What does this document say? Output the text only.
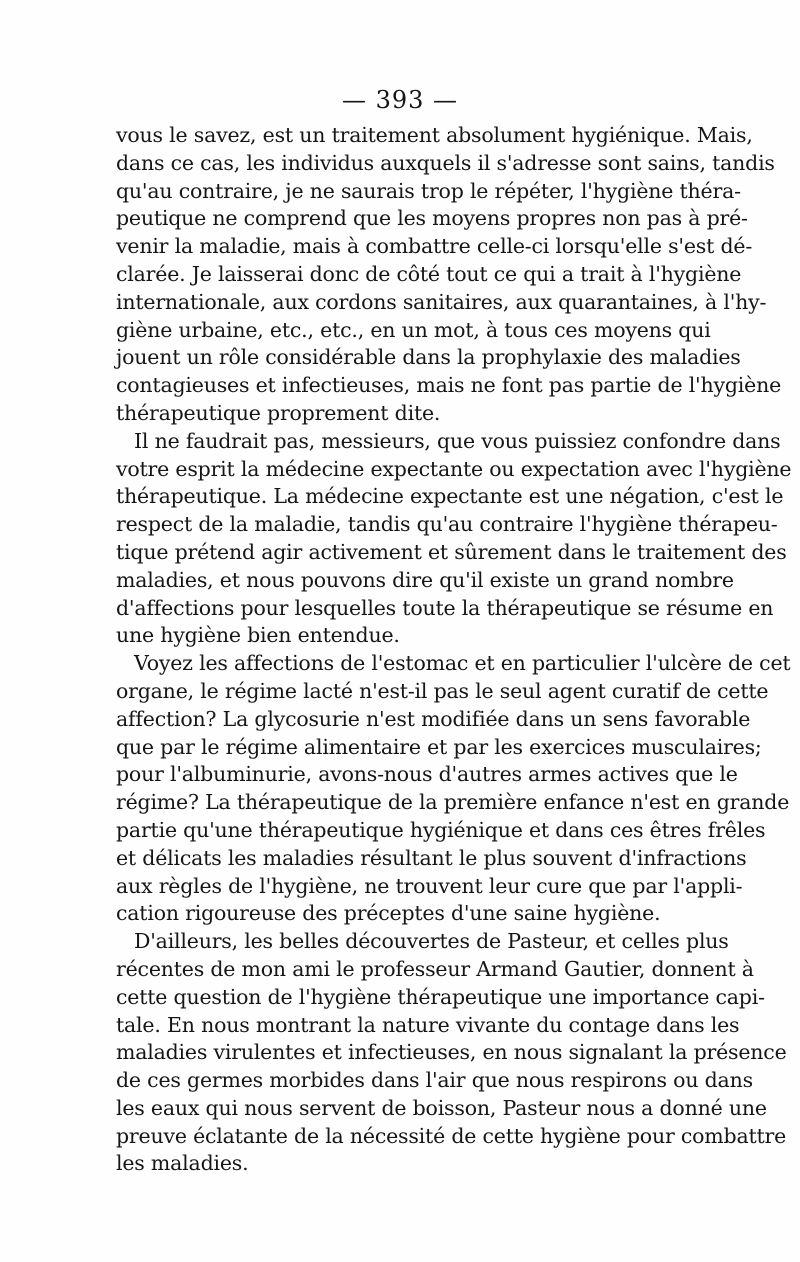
— 393 —
vous le savez, est un traitement absolument hygiénique. Mais,
dans ce cas, les individus auxquels il s'adresse sont sains, tandis
qu'au contraire, je ne saurais trop le répéter, l'hygiène théra-
peutique ne comprend que les moyens propres non pas à pré-
venir la maladie, mais à combattre celle-ci lorsqu'elle s'est dé-
clarée. Je laisserai donc de côté tout ce qui a trait à l'hygiène
internationale, aux cordons sanitaires, aux quarantaines, à l'hy-
giène urbaine, etc., etc., en un mot, à tous ces moyens qui
jouent un rôle considérable dans la prophylaxie des maladies
contagieuses et infectieuses, mais ne font pas partie de l'hygiène
thérapeutique proprement dite.
Il ne faudrait pas, messieurs, que vous puissiez confondre dans
votre esprit la médecine expectante ou expectation avec l'hygiène
thérapeutique. La médecine expectante est une négation, c'est le
respect de la maladie, tandis qu'au contraire l'hygiène thérapeu-
tique prétend agir activement et sûrement dans le traitement des
maladies, et nous pouvons dire qu'il existe un grand nombre
d'affections pour lesquelles toute la thérapeutique se résume en
une hygiène bien entendue.
Voyez les affections de l'estomac et en particulier l'ulcère de cet
organe, le régime lacté n'est-il pas le seul agent curatif de cette
affection? La glycosurie n'est modifiée dans un sens favorable
que par le régime alimentaire et par les exercices musculaires;
pour l'albuminurie, avons-nous d'autres armes actives que le
régime? La thérapeutique de la première enfance n'est en grande
partie qu'une thérapeutique hygiénique et dans ces êtres frêles
et délicats les maladies résultant le plus souvent d'infractions
aux règles de l'hygiène, ne trouvent leur cure que par l'appli-
cation rigoureuse des préceptes d'une saine hygiène.
D'ailleurs, les belles découvertes de Pasteur, et celles plus
récentes de mon ami le professeur Armand Gautier, donnent à
cette question de l'hygiène thérapeutique une importance capi-
tale. En nous montrant la nature vivante du contage dans les
maladies virulentes et infectieuses, en nous signalant la présence
de ces germes morbides dans l'air que nous respirons ou dans
les eaux qui nous servent de boisson, Pasteur nous a donné une
preuve éclatante de la nécessité de cette hygiène pour combattre
les maladies.
